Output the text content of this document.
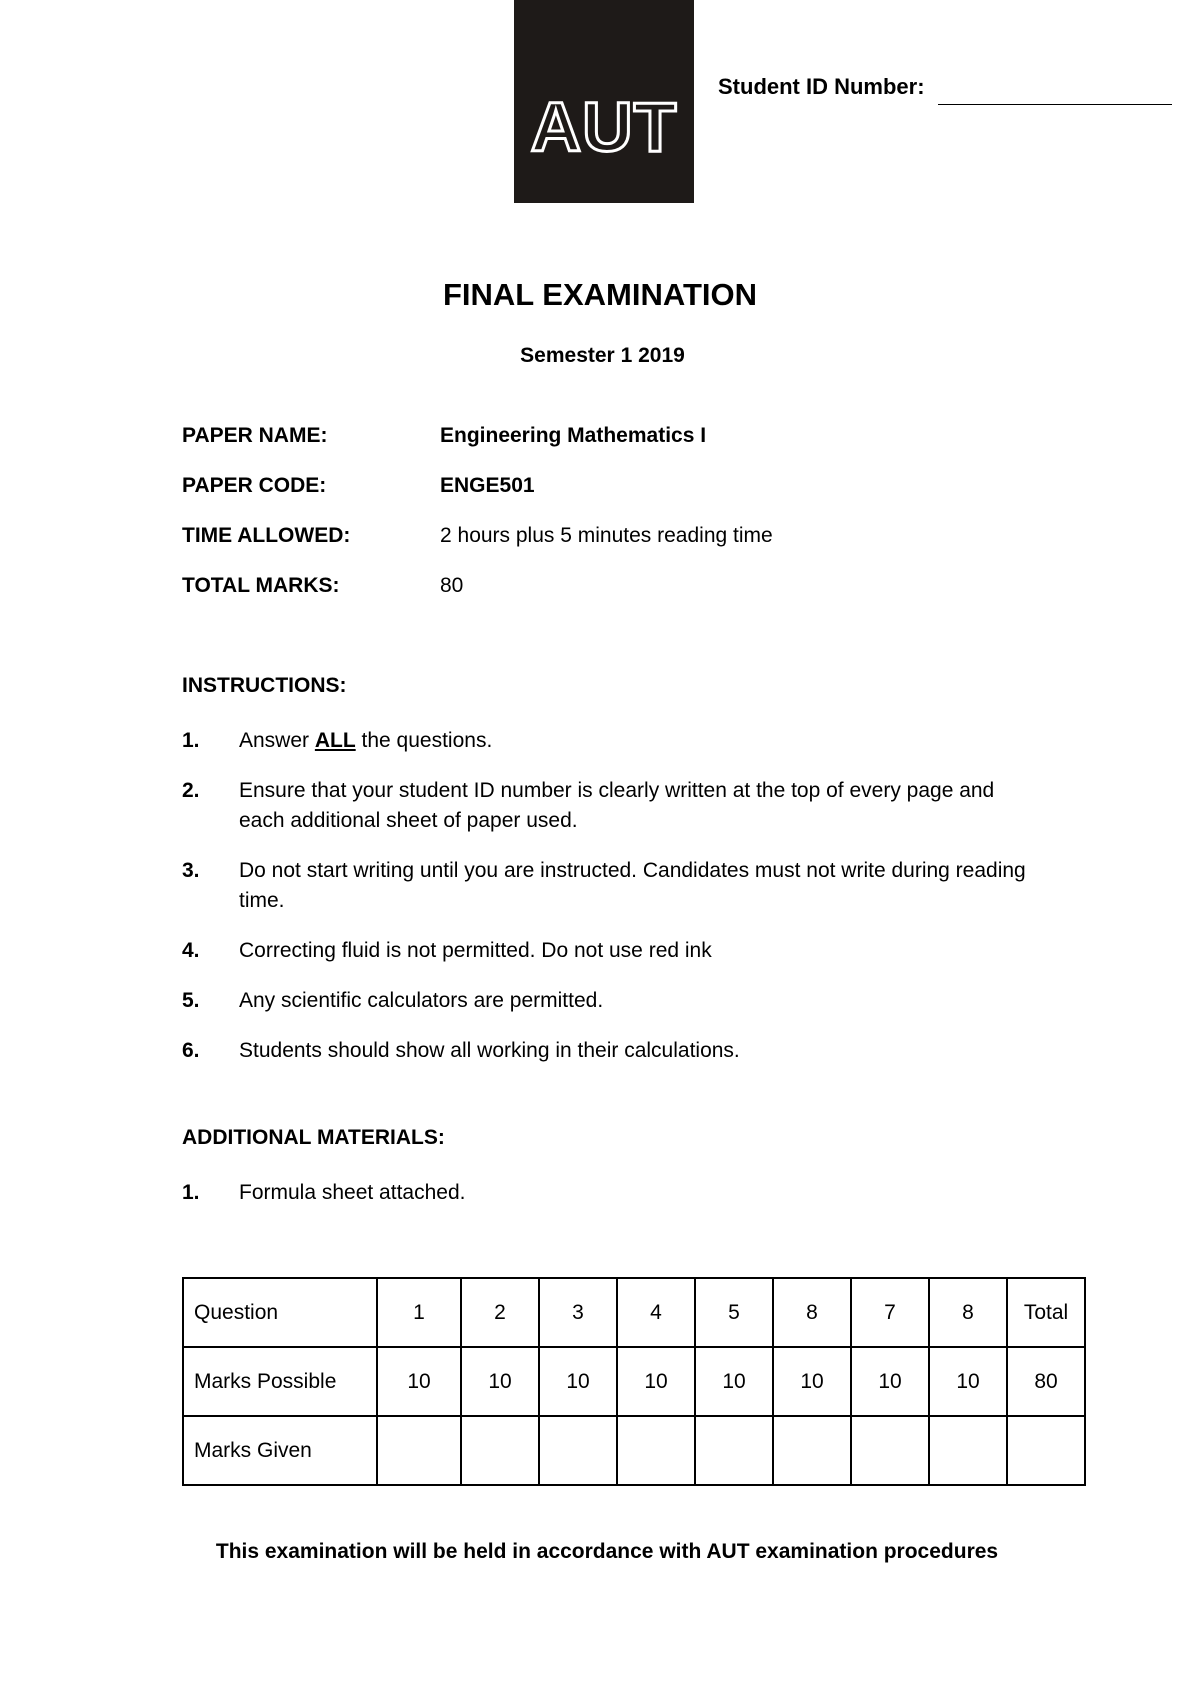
AUT
Student ID Number:
FINAL EXAMINATION
Semester 1 2019
PAPER NAME:	Engineering Mathematics I
PAPER CODE:	ENGE501
TIME ALLOWED:	2 hours plus 5 minutes reading time
TOTAL MARKS:	80
INSTRUCTIONS:
1. Answer ALL the questions.
2. Ensure that your student ID number is clearly written at the top of every page and each additional sheet of paper used.
3. Do not start writing until you are instructed. Candidates must not write during reading time.
4. Correcting fluid is not permitted. Do not use red ink
5. Any scientific calculators are permitted.
6. Students should show all working in their calculations.
ADDITIONAL MATERIALS:
1. Formula sheet attached.
Question	1	2	3	4	5	8	7	8	Total
Marks Possible	10	10	10	10	10	10	10	10	80
Marks Given									
This examination will be held in accordance with AUT examination procedures
